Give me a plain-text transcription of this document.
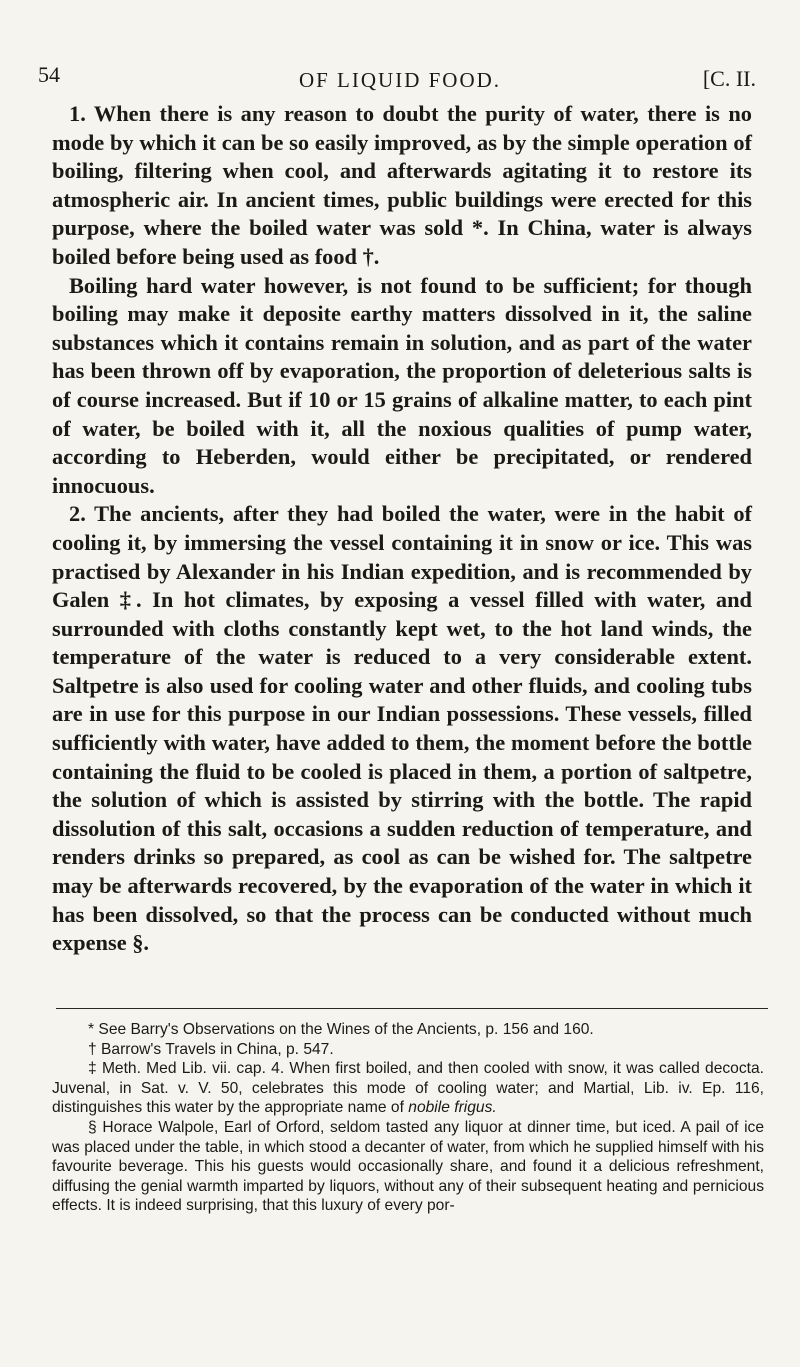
54	OF LIQUID FOOD.	[C. II.

1. When there is any reason to doubt the purity of water, there is no mode by which it can be so easily improved, as by the simple operation of boiling, filtering when cool, and afterwards agitating it to restore its atmospheric air. In ancient times, public buildings were erected for this purpose, where the boiled water was sold *. In China, water is always boiled before being used as food †.

Boiling hard water however, is not found to be sufficient; for though boiling may make it deposite earthy matters dissolved in it, the saline substances which it contains remain in solution, and as part of the water has been thrown off by evaporation, the proportion of deleterious salts is of course increased. But if 10 or 15 grains of alkaline matter, to each pint of water, be boiled with it, all the noxious qualities of pump water, according to Heberden, would either be precipitated, or rendered innocuous.

2. The ancients, after they had boiled the water, were in the habit of cooling it, by immersing the vessel containing it in snow or ice. This was practised by Alexander in his Indian expedition, and is recommended by Galen ‡. In hot climates, by exposing a vessel filled with water, and surrounded with cloths constantly kept wet, to the hot land winds, the temperature of the water is reduced to a very considerable extent. Saltpetre is also used for cooling water and other fluids, and cooling tubs are in use for this purpose in our Indian possessions. These vessels, filled sufficiently with water, have added to them, the moment before the bottle containing the fluid to be cooled is placed in them, a portion of saltpetre, the solution of which is assisted by stirring with the bottle. The rapid dissolution of this salt, occasions a sudden reduction of temperature, and renders drinks so prepared, as cool as can be wished for. The saltpetre may be afterwards recovered, by the evaporation of the water in which it has been dissolved, so that the process can be conducted without much expense §.

* See Barry's Observations on the Wines of the Ancients, p. 156 and 160.

† Barrow's Travels in China, p. 547.

‡ Meth. Med Lib. vii. cap. 4. When first boiled, and then cooled with snow, it was called decocta. Juvenal, in Sat. v. V. 50, celebrates this mode of cooling water; and Martial, Lib. iv. Ep. 116, distinguishes this water by the appropriate name of nobile frigus.

§ Horace Walpole, Earl of Orford, seldom tasted any liquor at dinner time, but iced. A pail of ice was placed under the table, in which stood a decanter of water, from which he supplied himself with his favourite beverage. This his guests would occasionally share, and found it a delicious refreshment, diffusing the genial warmth imparted by liquors, without any of their subsequent heating and pernicious effects. It is indeed surprising, that this luxury of every por-
